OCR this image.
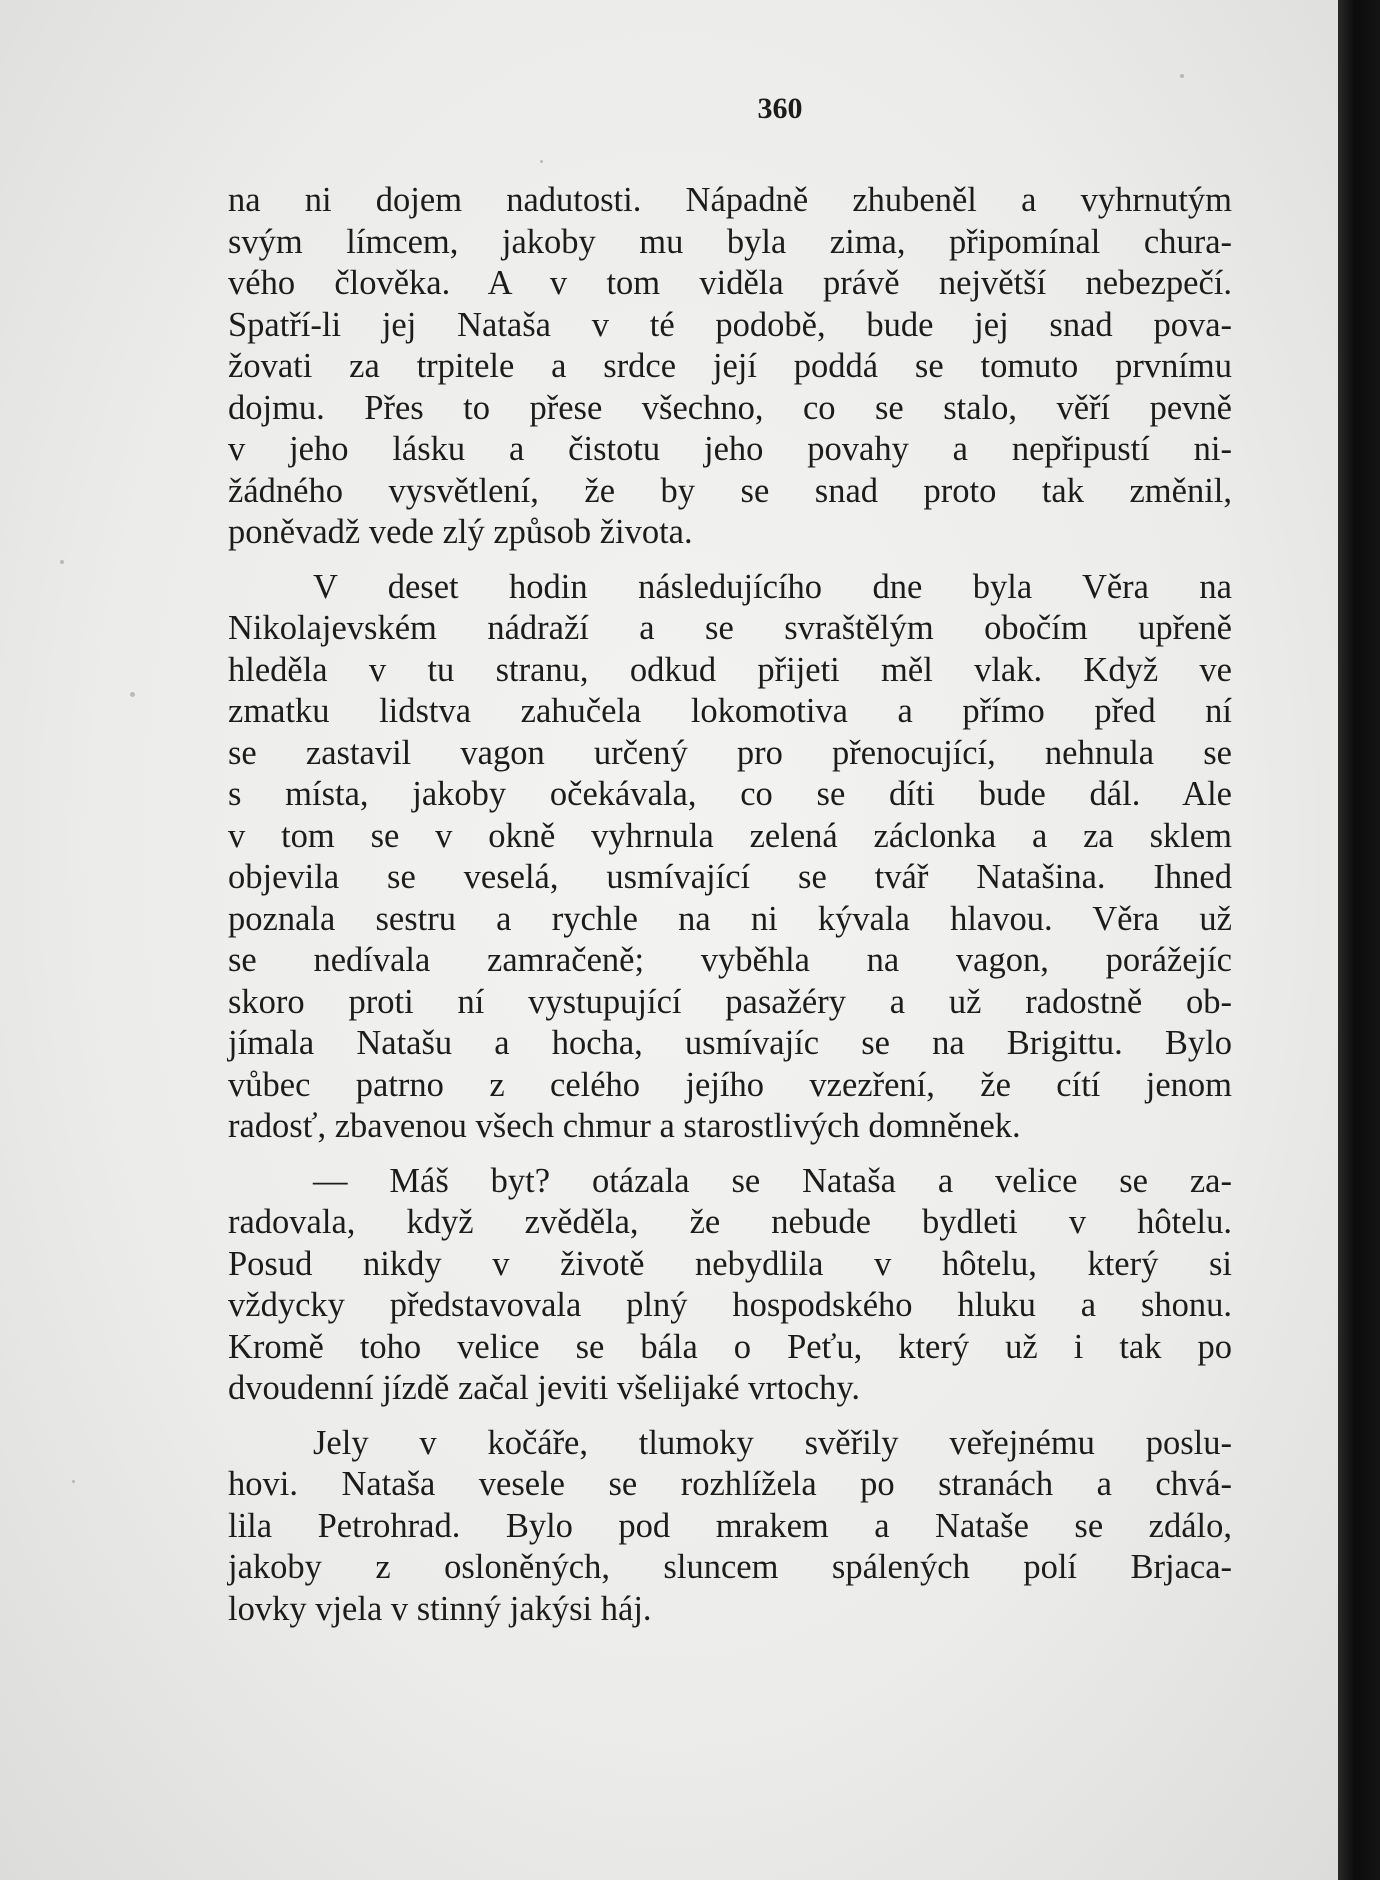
360
na ni dojem nadutosti. Nápadně zhubeněl a vyhrnutým
svým límcem, jakoby mu byla zima, připomínal chura-
vého člověka. A v tom viděla právě největší nebezpečí.
Spatří-li jej Nataša v té podobě, bude jej snad pova-
žovati za trpitele a srdce její poddá se tomuto prvnímu
dojmu. Přes to přese všechno, co se stalo, věří pevně
v jeho lásku a čistotu jeho povahy a nepřipustí ni-
žádného vysvětlení, že by se snad proto tak změnil,
poněvadž vede zlý způsob života.
V deset hodin následujícího dne byla Věra na
Nikolajevském nádraží a se svraštělým obočím upřeně
hleděla v tu stranu, odkud přijeti měl vlak. Když ve
zmatku lidstva zahučela lokomotiva a přímo před ní
se zastavil vagon určený pro přenocující, nehnula se
s místa, jakoby očekávala, co se díti bude dál. Ale
v tom se v okně vyhrnula zelená záclonka a za sklem
objevila se veselá, usmívající se tvář Natašina. Ihned
poznala sestru a rychle na ni kývala hlavou. Věra už
se nedívala zamračeně; vyběhla na vagon, porážejíc
skoro proti ní vystupující pasažéry a už radostně ob-
jímala Natašu a hocha, usmívajíc se na Brigittu. Bylo
vůbec patrno z celého jejího vzezření, že cítí jenom
radosť, zbavenou všech chmur a starostlivých domněnek.
— Máš byt? otázala se Nataša a velice se za-
radovala, když zvěděla, že nebude bydleti v hôtelu.
Posud nikdy v životě nebydlila v hôtelu, který si
vždycky představovala plný hospodského hluku a shonu.
Kromě toho velice se bála o Peťu, který už i tak po
dvoudenní jízdě začal jeviti všelijaké vrtochy.
Jely v kočáře, tlumoky svěřily veřejnému poslu-
hovi. Nataša vesele se rozhlížela po stranách a chvá-
lila Petrohrad. Bylo pod mrakem a Nataše se zdálo,
jakoby z osloněných, sluncem spálených polí Brjaca-
lovky vjela v stinný jakýsi háj.
